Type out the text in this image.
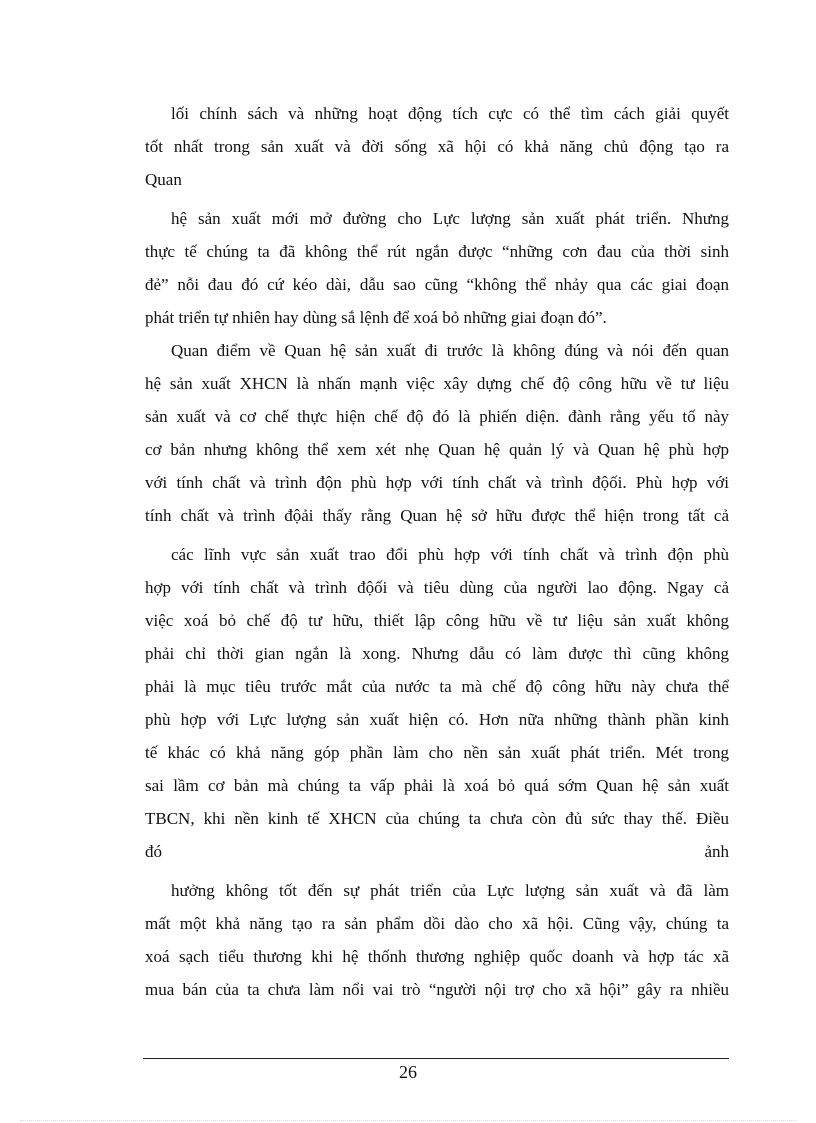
lối chính sách và những hoạt động tích cực có thể tìm cách giải quyết
tốt nhất trong sản xuất và đời sống xã hội có khả năng chủ động tạo ra
Quan

hệ sản xuất mới mở đường cho Lực lượng sản xuất phát triển. Nhưng
thực tế chúng ta đã không thể rút ngắn được “những cơn đau của thời sinh
đẻ” nỗi đau đó cứ kéo dài, dẫu sao cũng “không thể nhảy qua các giai đoạn
phát triển tự nhiên hay dùng sắ lệnh để xoá bỏ những giai đoạn đó”.

Quan điểm về Quan hệ sản xuất đi trước là không đúng và nói đến quan
hệ sản xuất XHCN là nhấn mạnh việc xây dựng chế độ công hữu về tư liệu
sản xuất và cơ chế thực hiện chế độ đó là phiến diện. đành rằng yếu tố này
cơ bản nhưng không thể xem xét nhẹ Quan hệ quản lý và Quan hệ phù hợp
với tính chất và trình độn phù hợp với tính chất và trình độối. Phù hợp với
tính chất và trình độải thấy rằng Quan hệ sở hữu được thể hiện trong tất cả

các lĩnh vực sản xuất trao đổi phù hợp với tính chất và trình độn phù
hợp với tính chất và trình độối và tiêu dùng của người lao động. Ngay cả
việc xoá bỏ chế độ tư hữu, thiết lập công hữu về tư liệu sản xuất không
phải chỉ thời gian ngắn là xong. Nhưng dẫu có làm được thì cũng không
phải là mục tiêu trước mắt của nước ta mà chế độ công hữu này chưa thể
phù hợp với Lực lượng sản xuất hiện có. Hơn nữa những thành phần kinh
tế khác có khả năng góp phần làm cho nền sản xuất phát triển. Mét trong
sai lầm cơ bản mà chúng ta vấp phải là xoá bỏ quá sớm Quan hệ sản xuất
TBCN, khi nền kinh tế XHCN của chúng ta chưa còn đủ sức thay thế. Điều
đó                                                                        ảnh

hưởng không tốt đến sự phát triển của Lực lượng sản xuất và đã làm
mất một khả năng tạo ra sản phẩm dồi dào cho xã hội. Cũng vậy, chúng ta
xoá sạch tiểu thương khi hệ thốnh thương nghiệp quốc doanh và hợp tác xã
mua bán của ta chưa làm nổi vai trò “người nội trợ cho xã hội” gây ra nhiều

26
